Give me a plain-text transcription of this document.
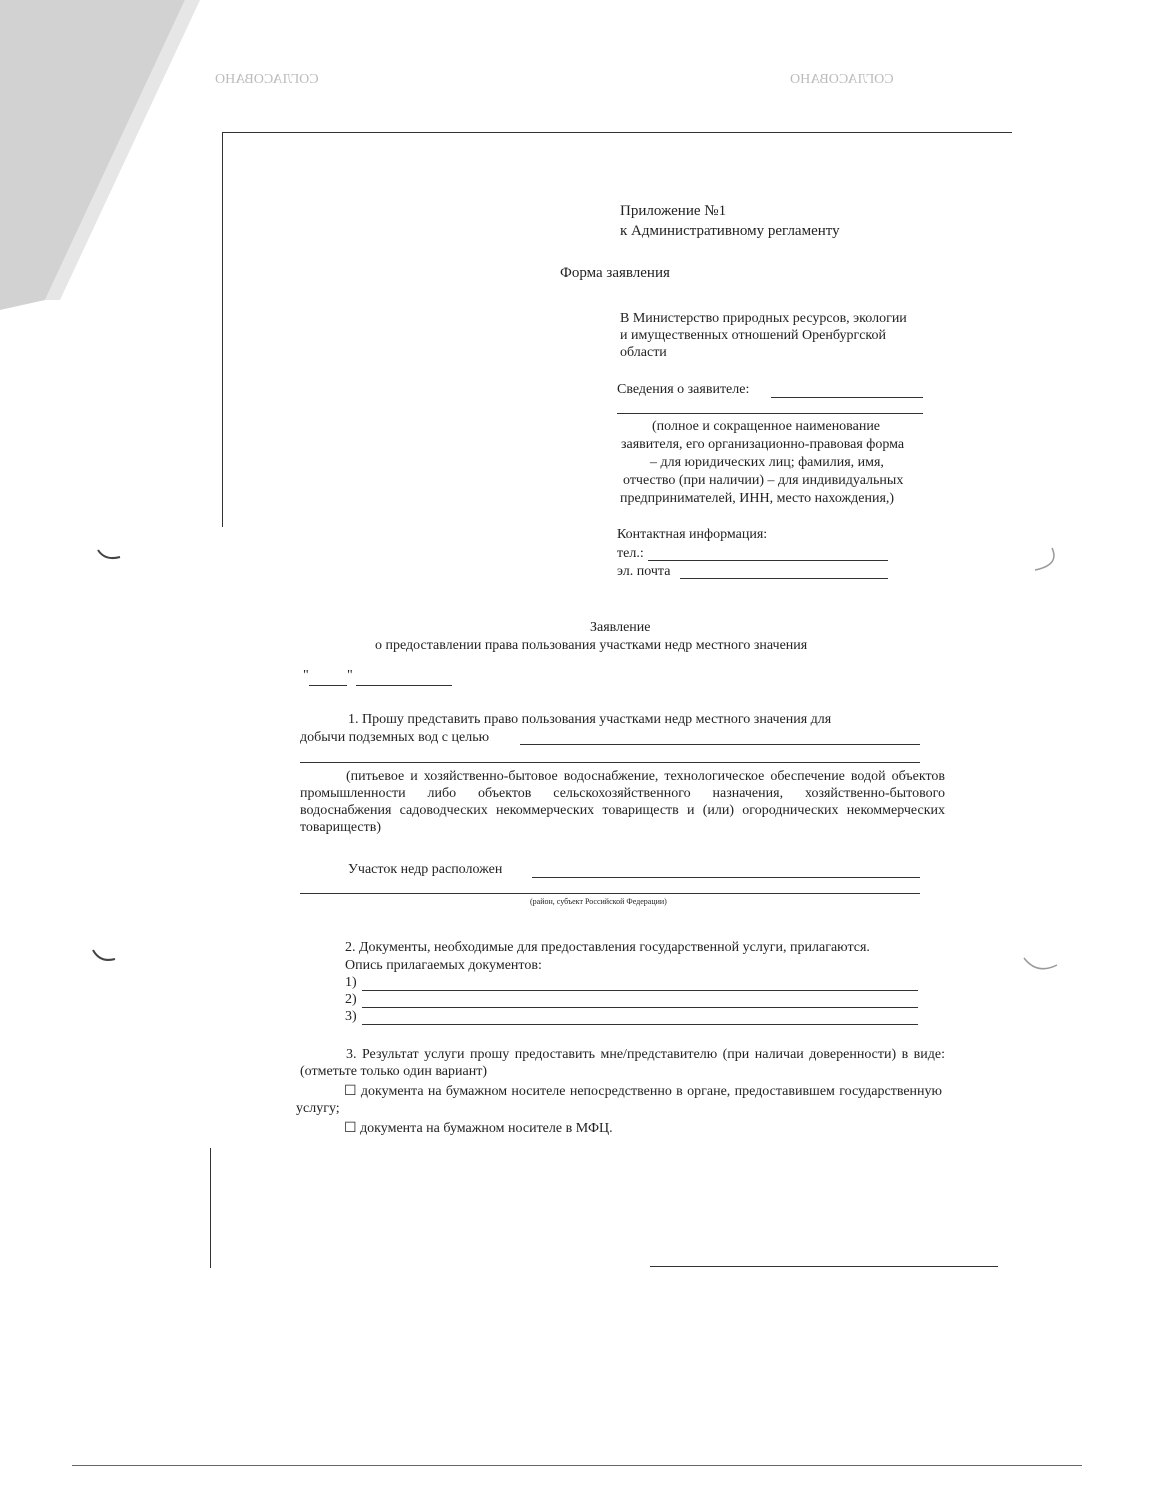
СОГЛАСОВАНО
СОГЛАСОВАНО
Приложение №1
к Административному регламенту
Форма заявления
В Министерство природных ресурсов, экологии
и имущественных отношений Оренбургской
области
Сведения о заявителе:
(полное и сокращенное наименование
заявителя, его организационно-правовая форма
– для юридических лиц; фамилия, имя,
отчество (при наличии) – для индивидуальных
предпринимателей, ИНН, место нахождения,)
Контактная информация:
тел.:
эл. почта
Заявление
о предоставлении права пользования участками недр местного значения
"	"
1. Прошу представить право пользования участками недр местного значения для
добычи подземных вод с целью
(питьевое и хозяйственно-бытовое водоснабжение, технологическое обеспечение водой объектов промышленности либо объектов сельскохозяйственного назначения, хозяйственно-бытового водоснабжения садоводческих некоммерческих товариществ и (или) огороднических некоммерческих товариществ)
Участок недр расположен
(район, субъект Российской Федерации)
2. Документы, необходимые для предоставления государственной услуги, прилагаются.
Опись прилагаемых документов:
1)
2)
3)
3. Результат услуги прошу предоставить мне/представителю (при наличаи доверенности) в виде: (отметьте только один вариант)
☐ документа на бумажном носителе непосредственно в органе, предоставившем государственную услугу;
☐ документа на бумажном носителе в МФЦ.
